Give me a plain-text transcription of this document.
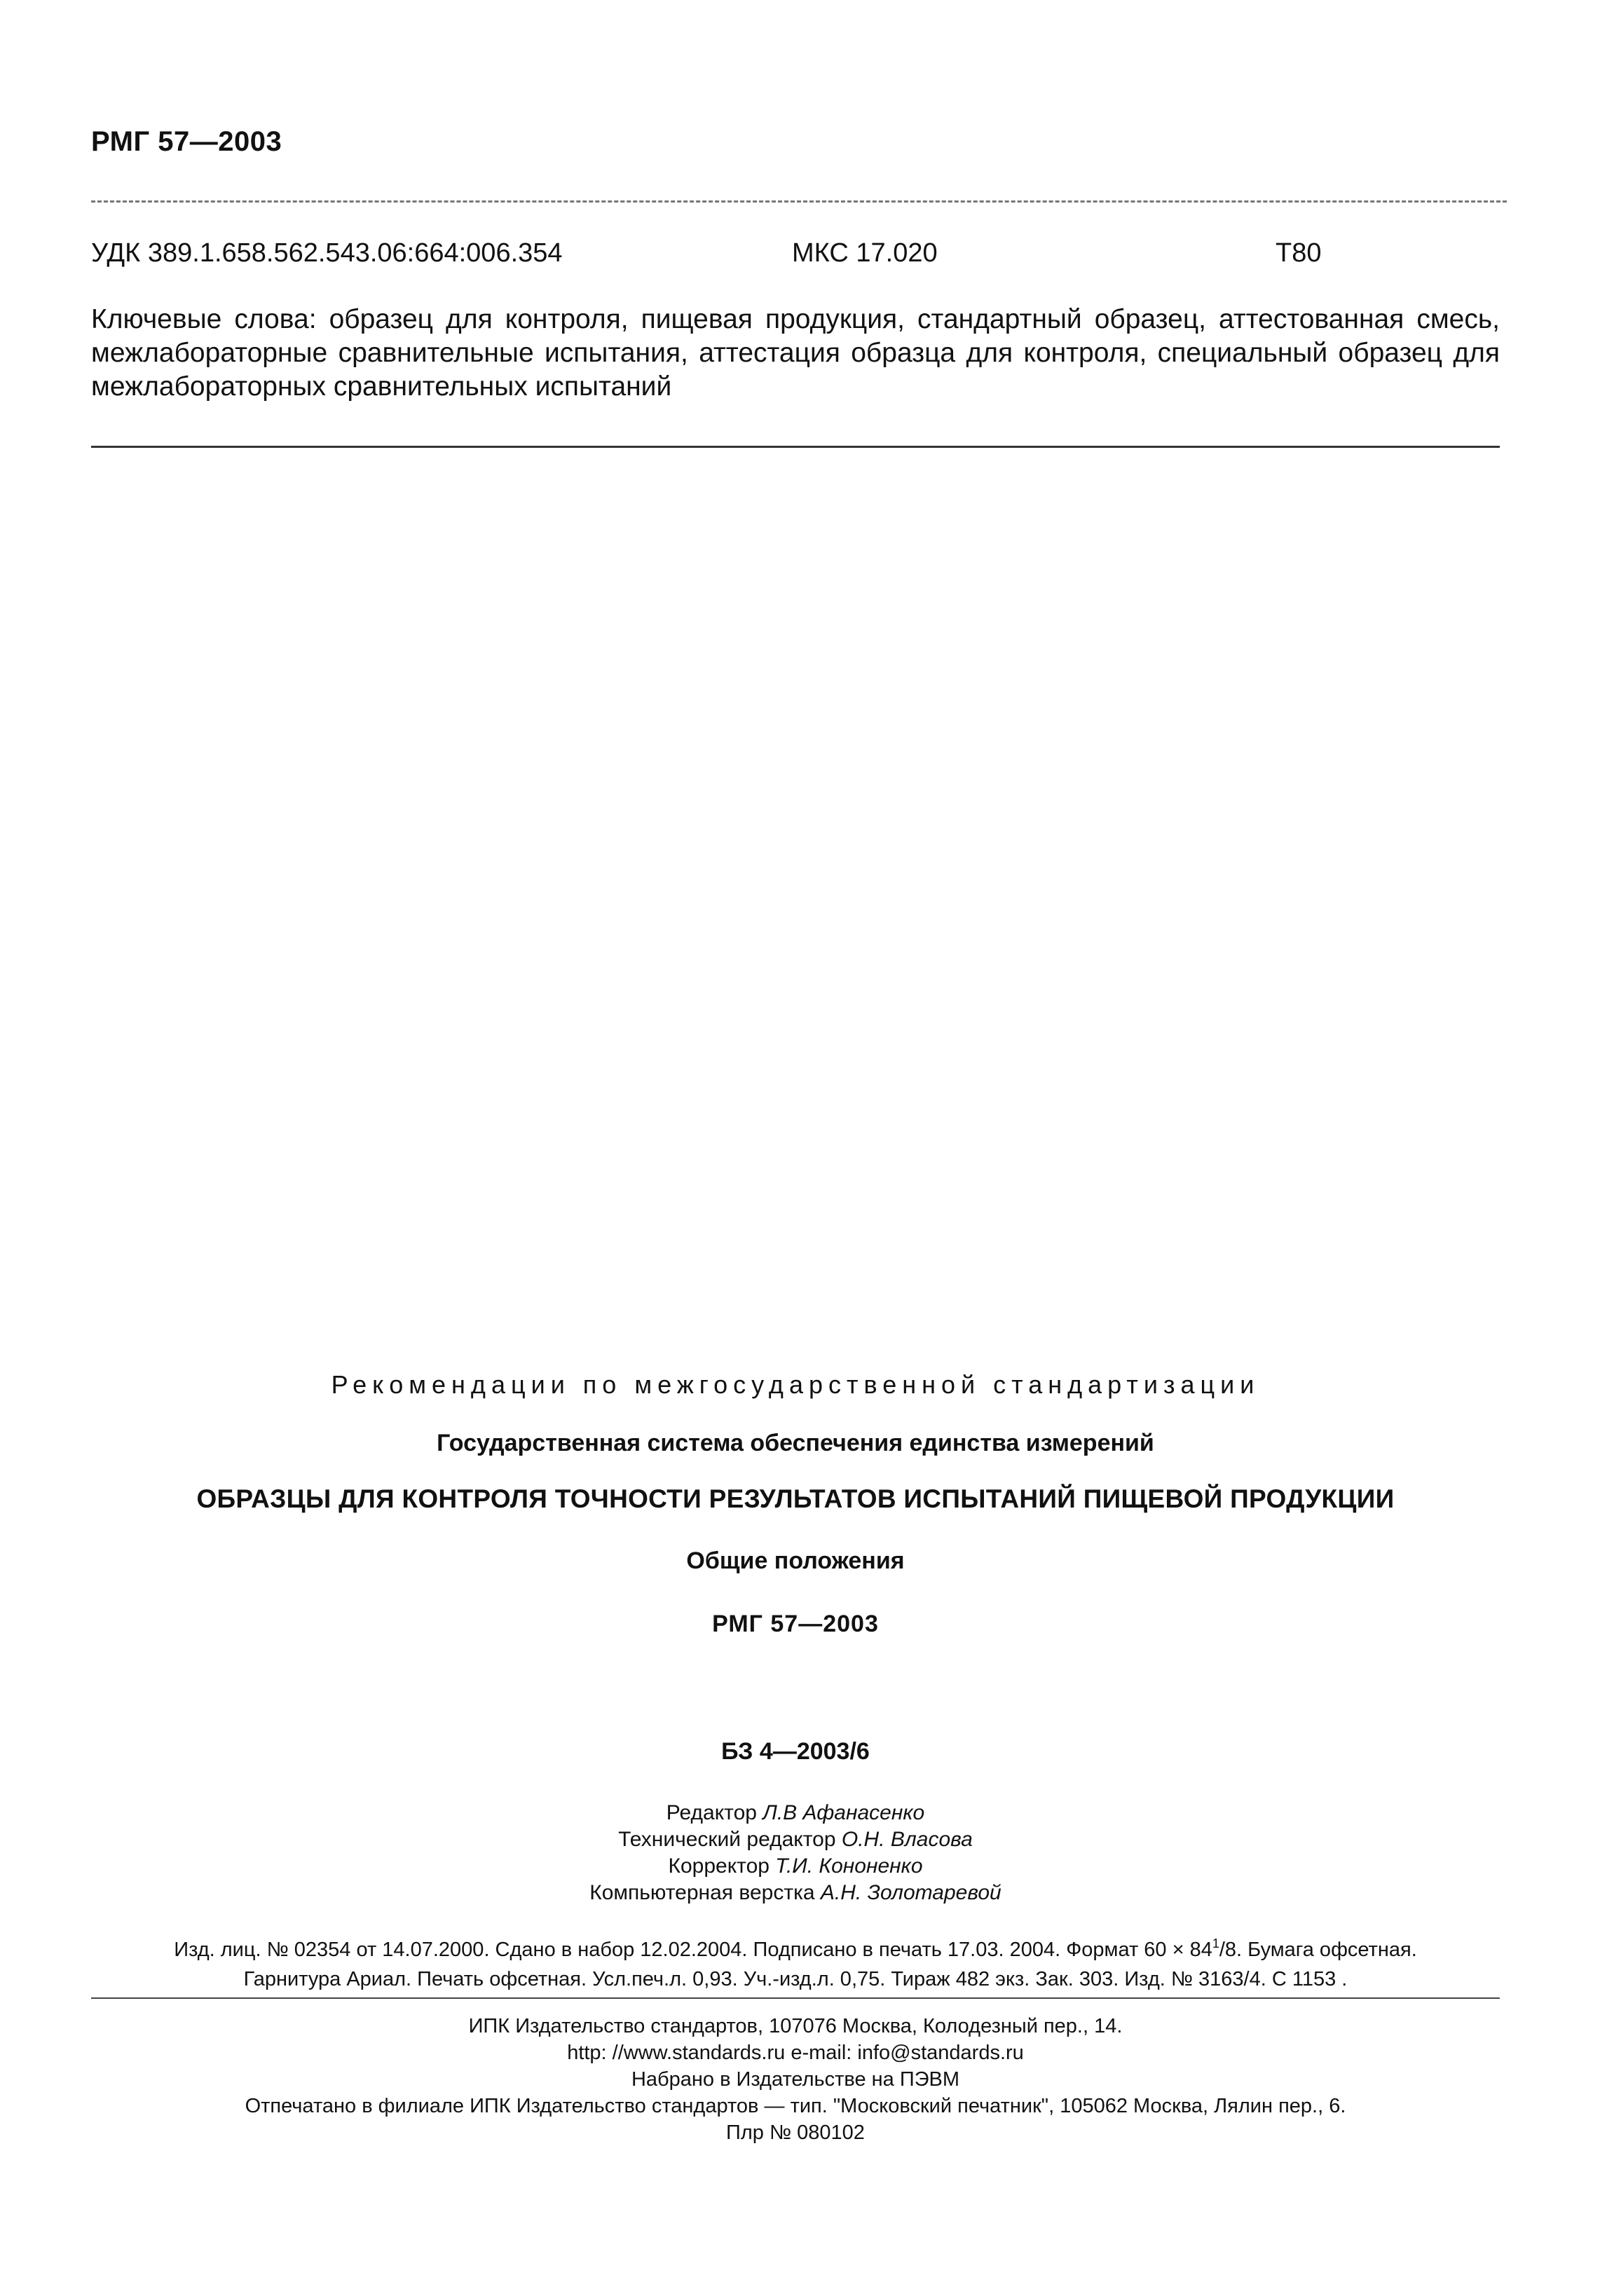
РМГ 57—2003
УДК 389.1.658.562.543.06:664:006.354	МКС 17.020	Т80
Ключевые слова: образец для контроля, пищевая продукция, стандартный образец, аттестованная смесь, межлабораторные сравнительные испытания, аттестация образца для контроля, специальный образец для межлабораторных сравнительных испытаний
Рекомендации по межгосударственной стандартизации
Государственная система обеспечения единства измерений
ОБРАЗЦЫ ДЛЯ КОНТРОЛЯ ТОЧНОСТИ РЕЗУЛЬТАТОВ ИСПЫТАНИЙ ПИЩЕВОЙ ПРОДУКЦИИ
Общие положения
РМГ 57—2003
БЗ 4—2003/6
Редактор Л.В Афанасенко
Технический редактор О.Н. Власова
Корректор Т.И. Кононенко
Компьютерная верстка А.Н. Золотаревой
Изд. лиц. № 02354 от 14.07.2000. Сдано в набор 12.02.2004. Подписано в печать 17.03. 2004. Формат $60 \times 84^1/8$. Бумага офсетная.
Гарнитура Ариал. Печать офсетная. Усл.печ.л. 0,93. Уч.-изд.л. 0,75. Тираж 482 экз. Зак. 303. Изд. № 3163/4. С 1153 .
ИПК Издательство стандартов, 107076 Москва, Колодезный пер., 14.
http: //www.standards.ru e-mail: info@standards.ru
Набрано в Издательстве на ПЭВМ
Отпечатано в филиале ИПК Издательство стандартов — тип. "Московский печатник", 105062 Москва, Лялин пер., 6.
Плр № 080102
